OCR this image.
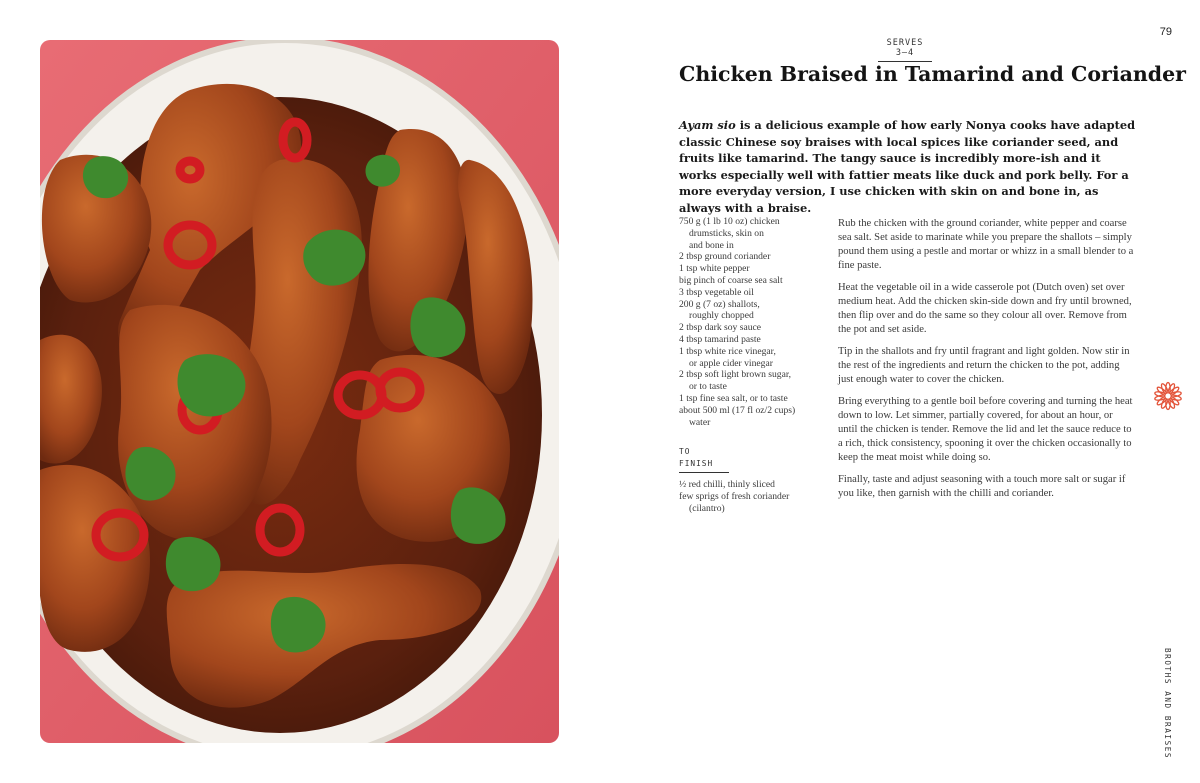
79
SERVES 3–4
Chicken Braised in Tamarind and Coriander

Ayam sio is a delicious example of how early Nonya cooks have adapted classic Chinese soy braises with local spices like coriander seed, and fruits like tamarind. The tangy sauce is incredibly more-ish and it works especially well with fattier meats like duck and pork belly. For a more everyday version, I use chicken with skin on and bone in, as always with a braise.

750 g (1 lb 10 oz) chicken
drumsticks, skin on
and bone in
2 tbsp ground coriander
1 tsp white pepper
big pinch of coarse sea salt
3 tbsp vegetable oil
200 g (7 oz) shallots,
roughly chopped
2 tbsp dark soy sauce
4 tbsp tamarind paste
1 tbsp white rice vinegar,
or apple cider vinegar
2 tbsp soft light brown sugar,
or to taste
1 tsp fine sea salt, or to taste
about 500 ml (17 fl oz/2 cups)
water
TO FINISH
½ red chilli, thinly sliced
few sprigs of fresh coriander
(cilantro)

Rub the chicken with the ground coriander, white pepper and coarse sea salt. Set aside to marinate while you prepare the shallots – simply pound them using a pestle and mortar or whizz in a small blender to a fine paste.

Heat the vegetable oil in a wide casserole pot (Dutch oven) set over medium heat. Add the chicken skin-side down and fry until browned, then flip over and do the same so they colour all over. Remove from the pot and set aside.

Tip in the shallots and fry until fragrant and light golden. Now stir in the rest of the ingredients and return the chicken to the pot, adding just enough water to cover the chicken.

Bring everything to a gentle boil before covering and turning the heat down to low. Let simmer, partially covered, for about an hour, or until the chicken is tender. Remove the lid and let the sauce reduce to a rich, thick consistency, spooning it over the chicken occasionally to keep the meat moist while doing so.

Finally, taste and adjust seasoning with a touch more salt or sugar if you like, then garnish with the chilli and coriander.

BROTHS AND BRAISES
